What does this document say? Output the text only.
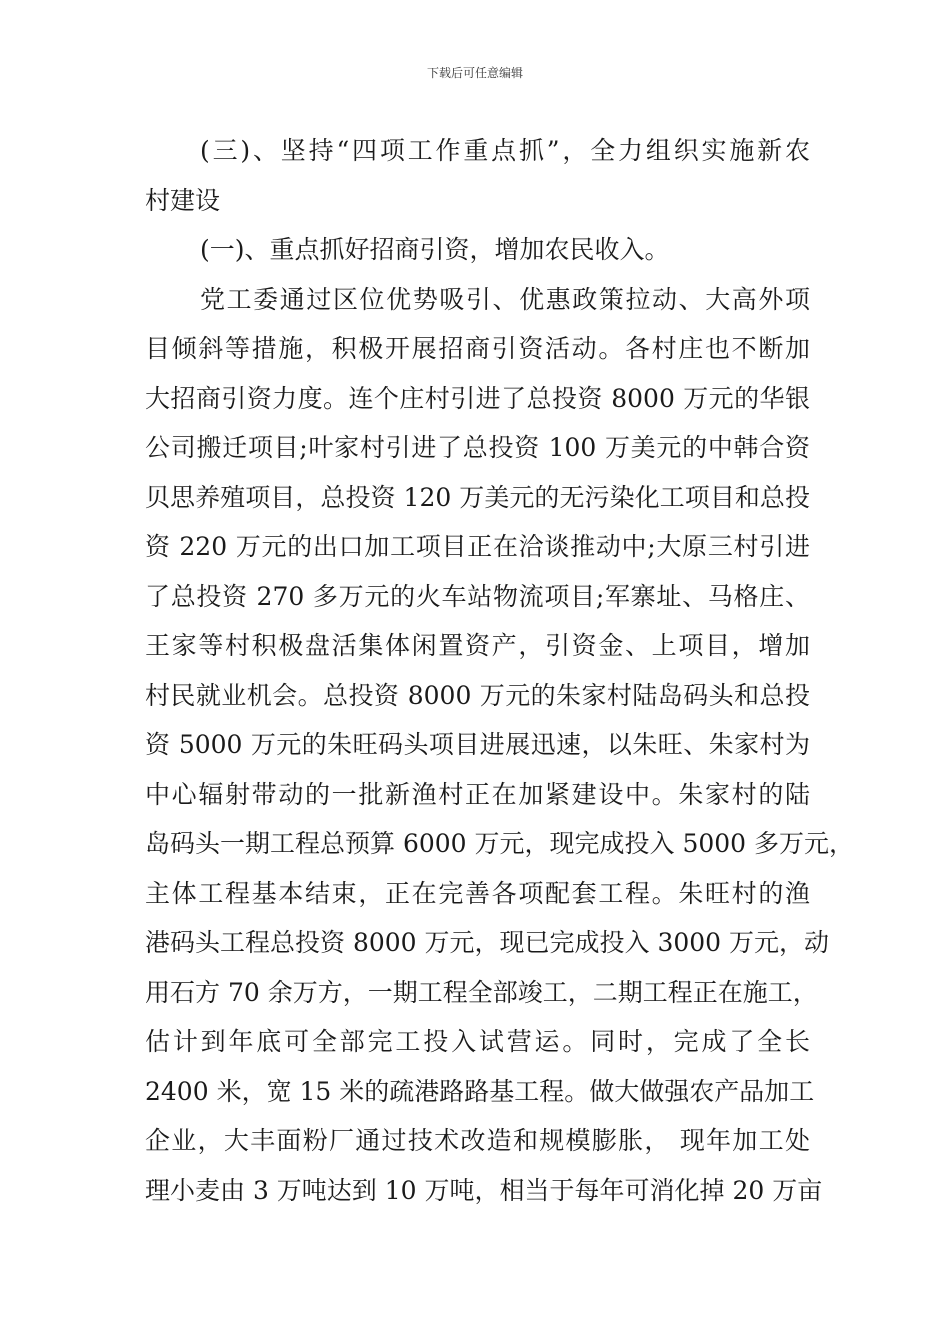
下载后可任意编辑
(三)、坚持“四项工作重点抓”，全力组织实施新农
村建设
(一)、重点抓好招商引资，增加农民收入。
党工委通过区位优势吸引、优惠政策拉动、大高外项
目倾斜等措施，积极开展招商引资活动。各村庄也不断加
大招商引资力度。连个庄村引进了总投资 8000 万元的华银
公司搬迁项目;叶家村引进了总投资 100 万美元的中韩合资
贝思养殖项目，总投资 120 万美元的无污染化工项目和总投
资 220 万元的出口加工项目正在洽谈推动中;大原三村引进
了总投资 270 多万元的火车站物流项目;军寨址、马格庄、
王家等村积极盘活集体闲置资产，引资金、上项目，增加
村民就业机会。总投资 8000 万元的朱家村陆岛码头和总投
资 5000 万元的朱旺码头项目进展迅速，以朱旺、朱家村为
中心辐射带动的一批新渔村正在加紧建设中。朱家村的陆
岛码头一期工程总预算 6000 万元，现完成投入 5000 多万元，
主体工程基本结束，正在完善各项配套工程。朱旺村的渔
港码头工程总投资 8000 万元，现已完成投入 3000 万元，动
用石方 70 余万方，一期工程全部竣工，二期工程正在施工，
估计到年底可全部完工投入试营运。同时，完成了全长
2400 米，宽 15 米的疏港路路基工程。做大做强农产品加工
企业，大丰面粉厂通过技术改造和规模膨胀， 现年加工处
理小麦由 3 万吨达到 10 万吨，相当于每年可消化掉 20 万亩
